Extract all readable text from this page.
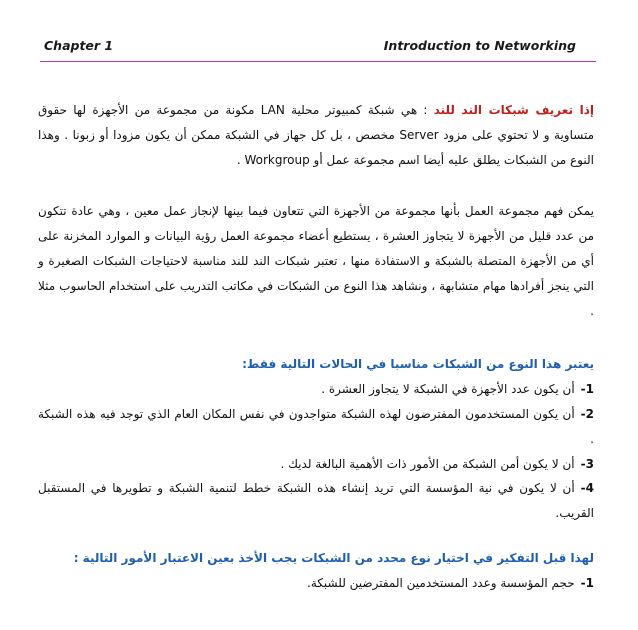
Chapter 1	Introduction to Networking

إذا تعريف شبكات الند للند : هي شبكة كمبيوتر محلية LAN مكونة من مجموعة من الأجهزة لها حقوق متساوية و لا تحتوي على مزود Server مخصص ، بل كل جهاز في الشبكة ممكن أن يكون مزودا أو زبونا . وهذا النوع من الشبكات يطلق عليه أيضا اسم مجموعة عمل أو Workgroup .

يمكن فهم مجموعة العمل بأنها مجموعة من الأجهزة التي تتعاون فيما بينها لإنجاز عمل معين ، وهي عادة تتكون من عدد قليل من الأجهزة لا يتجاوز العشرة ، يستطيع أعضاء مجموعة العمل رؤية البيانات و الموارد المخزنة على أي من الأجهزة المتصلة بالشبكة و الاستفادة منها ، تعتبر شبكات الند للند مناسبة لاحتياجات الشبكات الصغيرة و التي ينجز أفرادها مهام متشابهة ، ونشاهد هذا النوع من الشبكات في مكاتب التدريب على استخدام الحاسوب مثلا .

يعتبر هذا النوع من الشبكات مناسبا في الحالات التالية فقط:

1-أن يكون عدد الأجهزة في الشبكة لا يتجاوز العشرة .

2-أن يكون المستخدمون المفترضون لهذه الشبكة متواجدون في نفس المكان العام الذي توجد فيه هذه الشبكة .

3-أن لا يكون أمن الشبكة من الأمور ذات الأهمية البالغة لديك .

4-أن لا يكون في نية المؤسسة التي تريد إنشاء هذه الشبكة خطط لتنمية الشبكة و تطويرها في المستقبل القريب.

لهذا قبل التفكير في اختيار نوع محدد من الشبكات يجب الأخذ بعين الاعتبار الأمور التالية :

1-حجم المؤسسة وعدد المستخدمين المفترضين للشبكة.
